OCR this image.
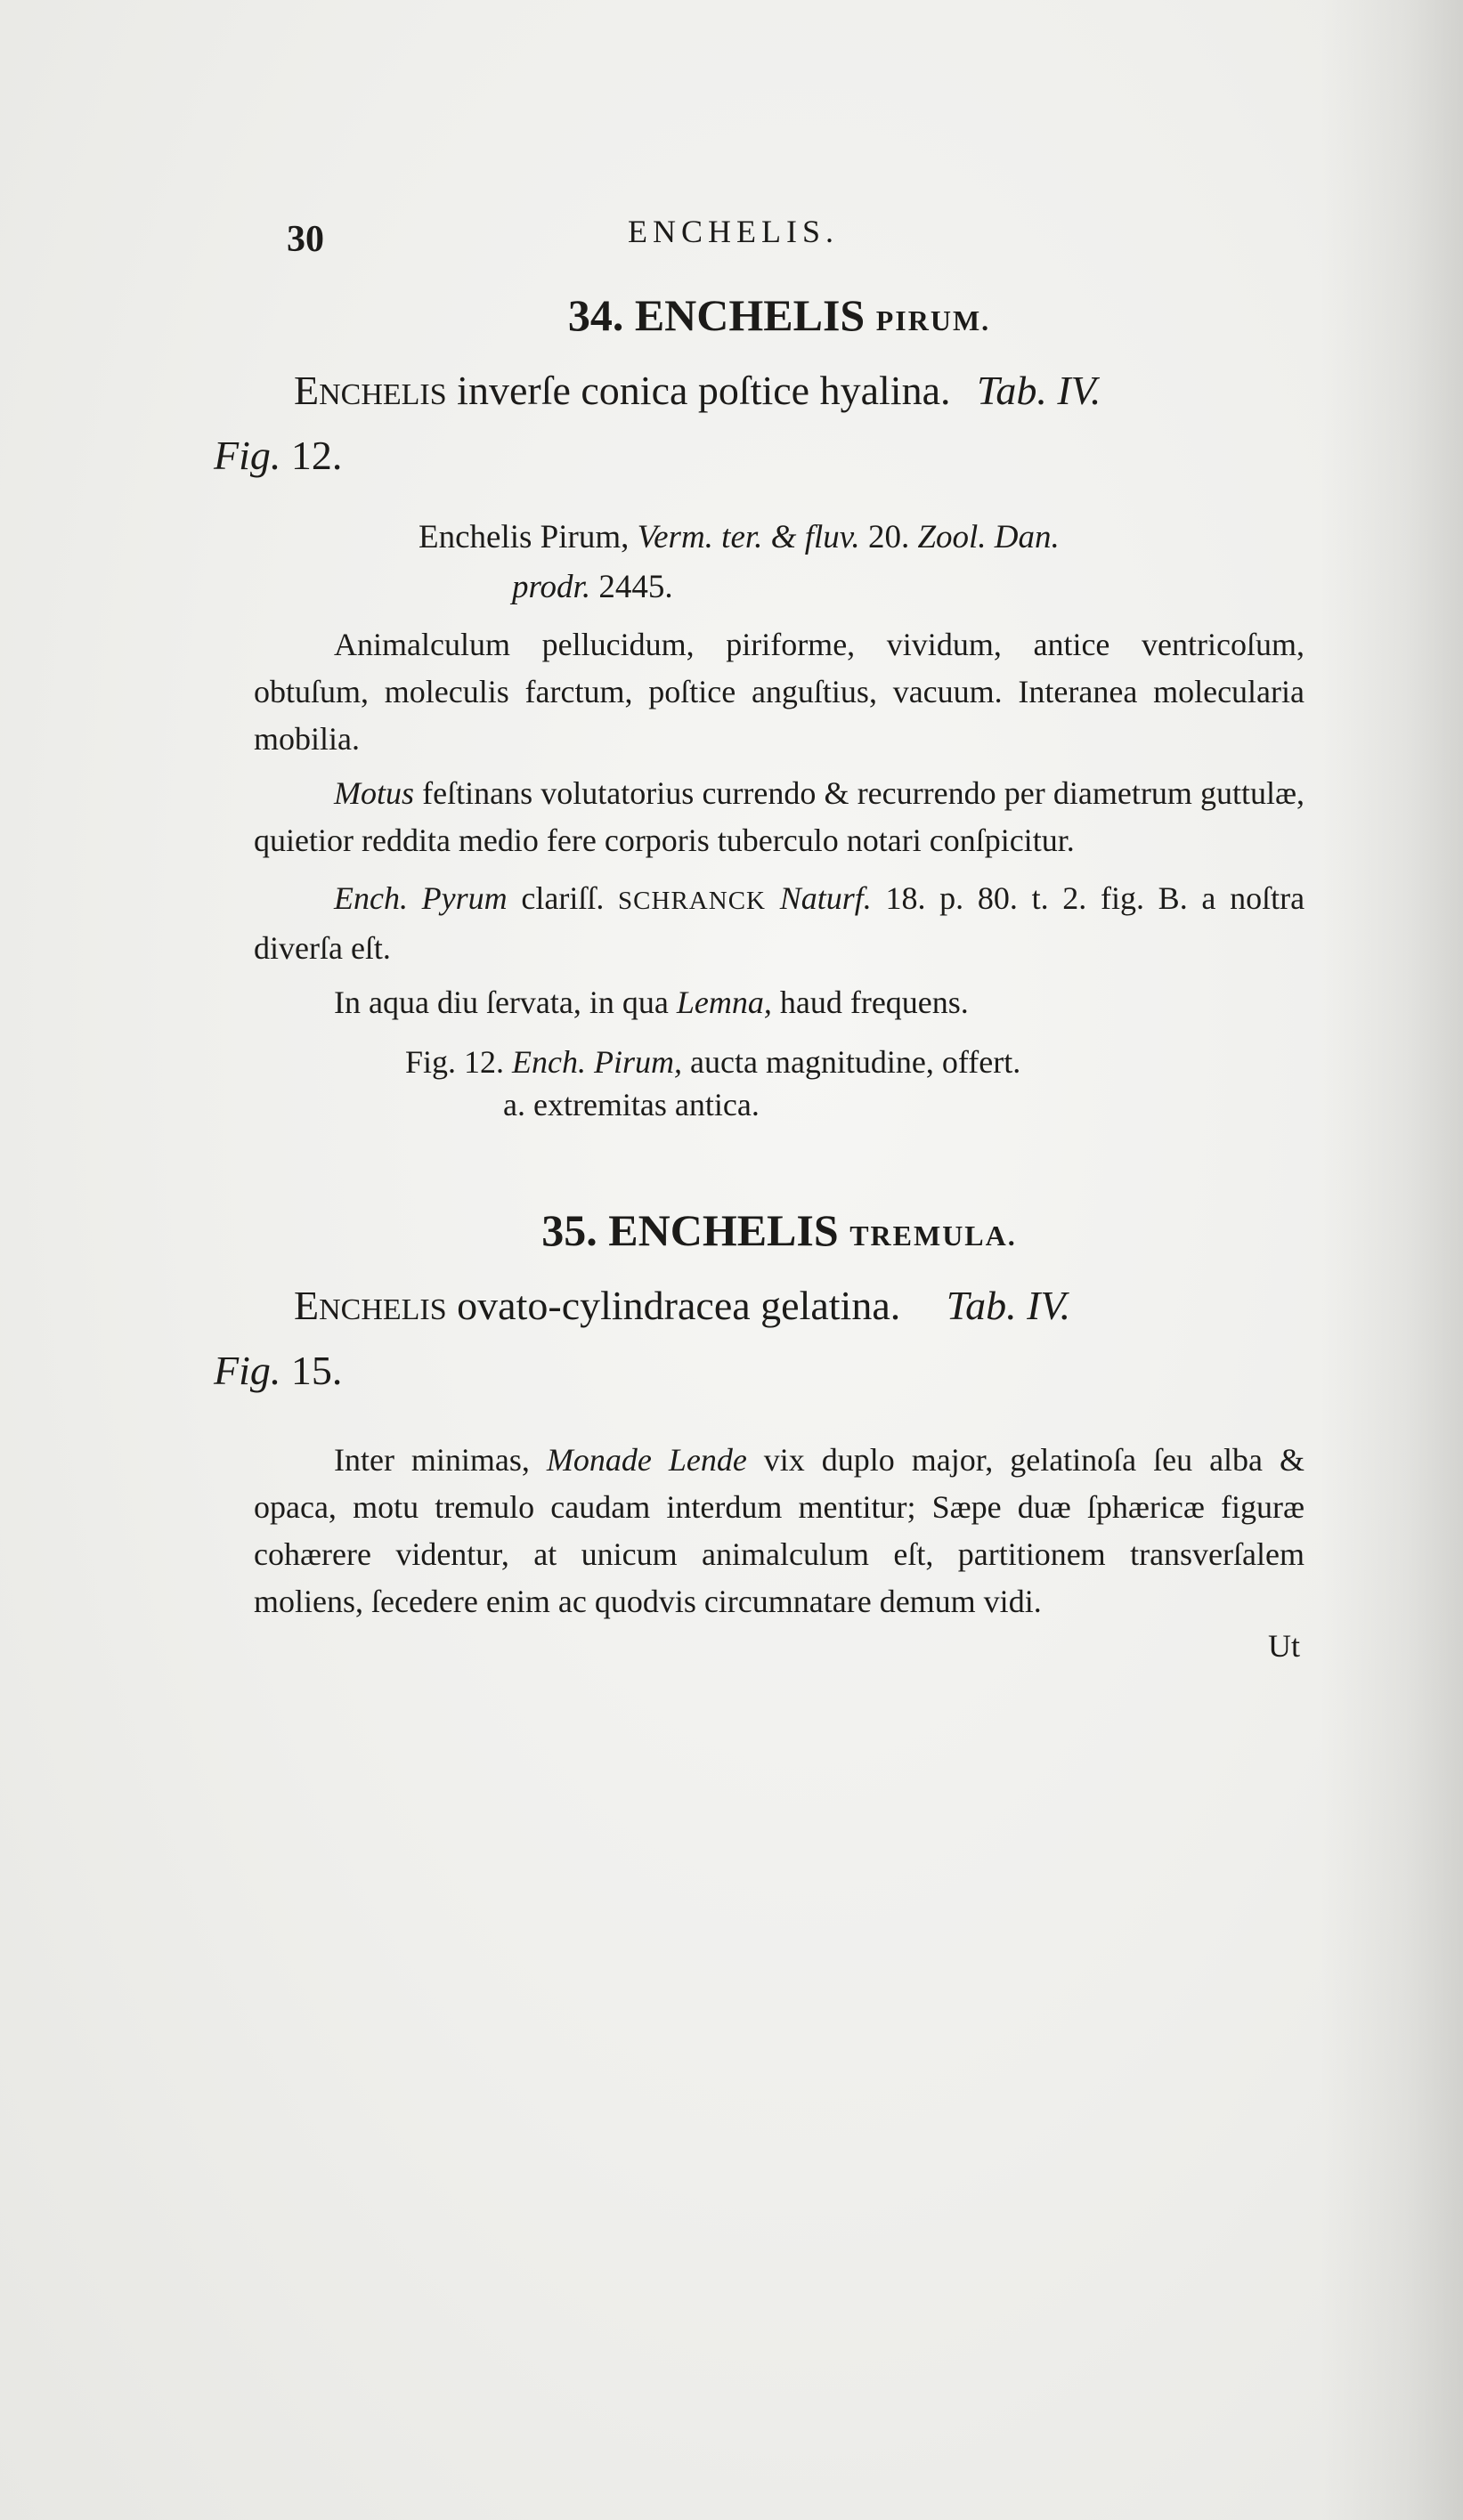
30	ENCHELIS.
34. ENCHELIS PIRUM.

ENCHELIS inverſe conica poſtice hyalina. Tab. IV.
Fig. 12.

Enchelis Pirum, Verm. ter. & fluv. 20. Zool. Dan.
prodr. 2445.

Animalculum pellucidum, piriforme, vividum, antice ventricoſum, obtuſum, moleculis farctum, poſtice anguſtius, vacuum. Interanea molecularia mobilia.

Motus feſtinans volutatorius currendo & recurrendo per diametrum guttulæ, quietior reddita medio fere corporis tuberculo notari conſpicitur.

Ench. Pyrum clariſſ. SCHRANCK Naturf. 18. p. 80. t. 2. fig. B. a noſtra diverſa eſt.

In aqua diu ſervata, in qua Lemna, haud frequens.

Fig. 12. Ench. Pirum, aucta magnitudine, offert.
a. extremitas antica.

35. ENCHELIS TREMULA.

ENCHELIS ovato-cylindracea gelatina. Tab. IV.
Fig. 15.

Inter minimas, Monade Lende vix duplo major, gelatinoſa ſeu alba & opaca, motu tremulo caudam interdum mentitur; Sæpe duæ ſphæricæ figuræ cohærere videntur, at unicum animalculum eſt, partitionem transverſalem moliens, ſecedere enim ac quodvis circumnatare demum vidi.

Ut
